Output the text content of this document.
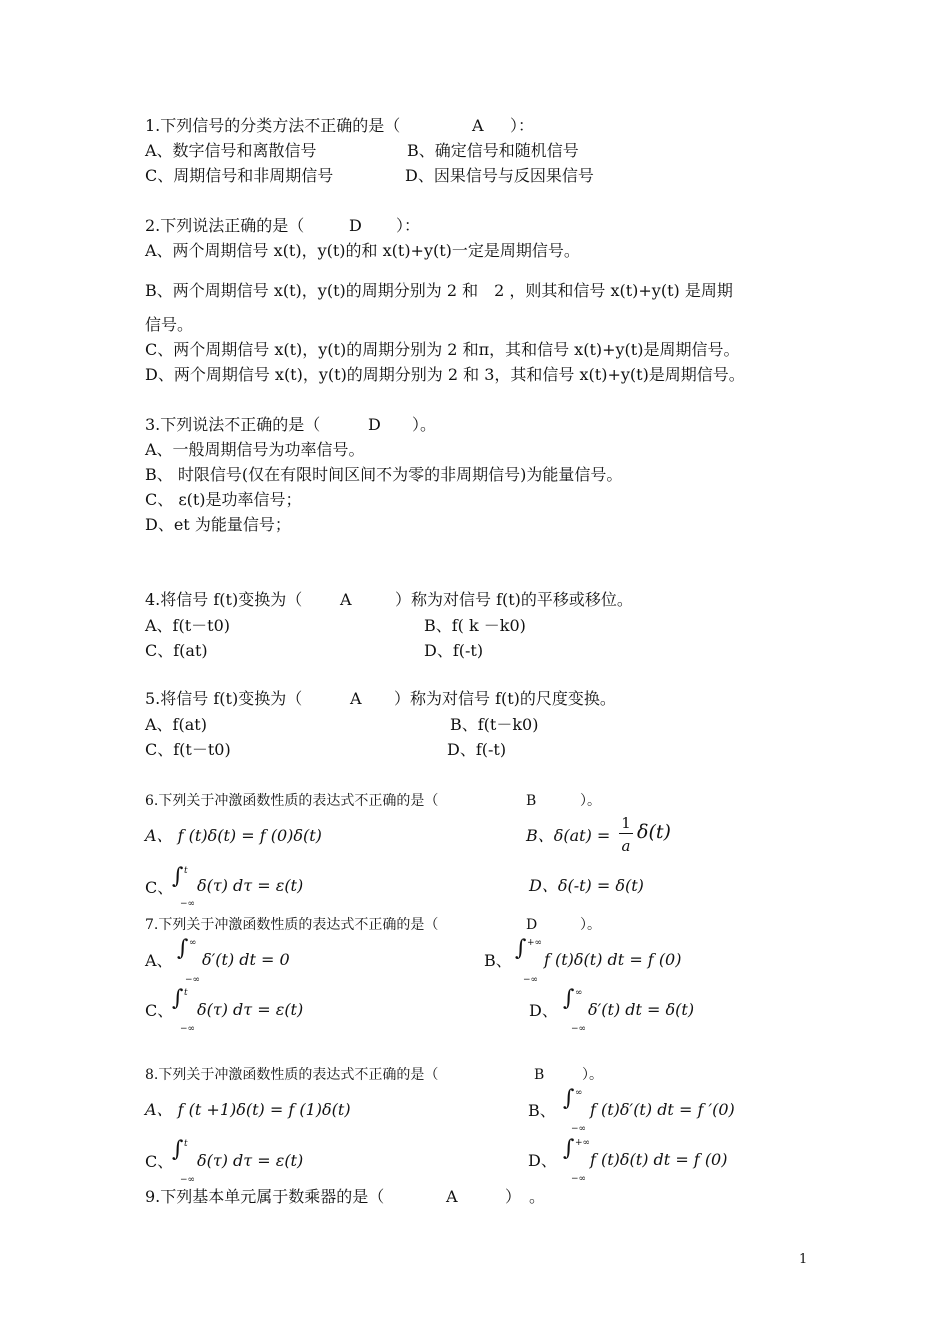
1.下列信号的分类方法不正确的是（	A ）：
A、数字信号和离散信号	B、确定信号和随机信号
C、周期信号和非周期信号	D、因果信号与反因果信号
2.下列说法正确的是（	D ）：
A、两个周期信号 x(t)，y(t)的和 x(t)+y(t)一定是周期信号。
B、两个周期信号 x(t)，y(t)的周期分别为 2 和　2 ，则其和信号 x(t)+y(t) 是周期
信号。
C、两个周期信号 x(t)，y(t)的周期分别为 2 和π，其和信号 x(t)+y(t)是周期信号。
D、两个周期信号 x(t)，y(t)的周期分别为 2 和 3，其和信号 x(t)+y(t)是周期信号。
3.下列说法不正确的是（	D ）。
A、一般周期信号为功率信号。
B、 时限信号(仅在有限时间区间不为零的非周期信号)为能量信号。
C、 ε(t)是功率信号；
D、et 为能量信号；
4.将信号 f(t)变换为（ A	）称为对信号 f(t)的平移或移位。
A、f(t－t0)	B、f( k －k0)
C、f(at)	D、f(-t)
5.将信号 f(t)变换为（	A ）称为对信号 f(t)的尺度变换。
A、f(at)	B、f(t－k0)
C、f(t－t0)	D、f(-t)
6.下列关于冲激函数性质的表达式不正确的是（	B	）。
A、 f (t)δ(t) = f (0)δ(t)	B、δ(at) =
1
a
δ(t)
C、
∫ t
−∞
δ(τ) dτ = ε(t)	D、δ(-t) = δ(t)
7.下列关于冲激函数性质的表达式不正确的是（	D	）。
A、 ∫ ∞
−∞
δ′(t) dt = 0	B、 ∫ +∞
−∞
f (t)δ(t) dt = f (0)
C、
∫ t
−∞
δ(τ) dτ = ε(t)	D、 ∫ ∞
−∞
δ′(t) dt = δ(t)
8.下列关于冲激函数性质的表达式不正确的是（	B	）。
A、 f (t +1)δ(t) = f (1)δ(t)	B、 ∫ ∞
−∞
f (t)δ′(t) dt = f ′(0)
C、
∫ t
−∞
δ(τ) dτ = ε(t)	D、 ∫ +∞
−∞
f (t)δ(t) dt = f (0)
9.下列基本单元属于数乘器的是（	A	）　。
1
